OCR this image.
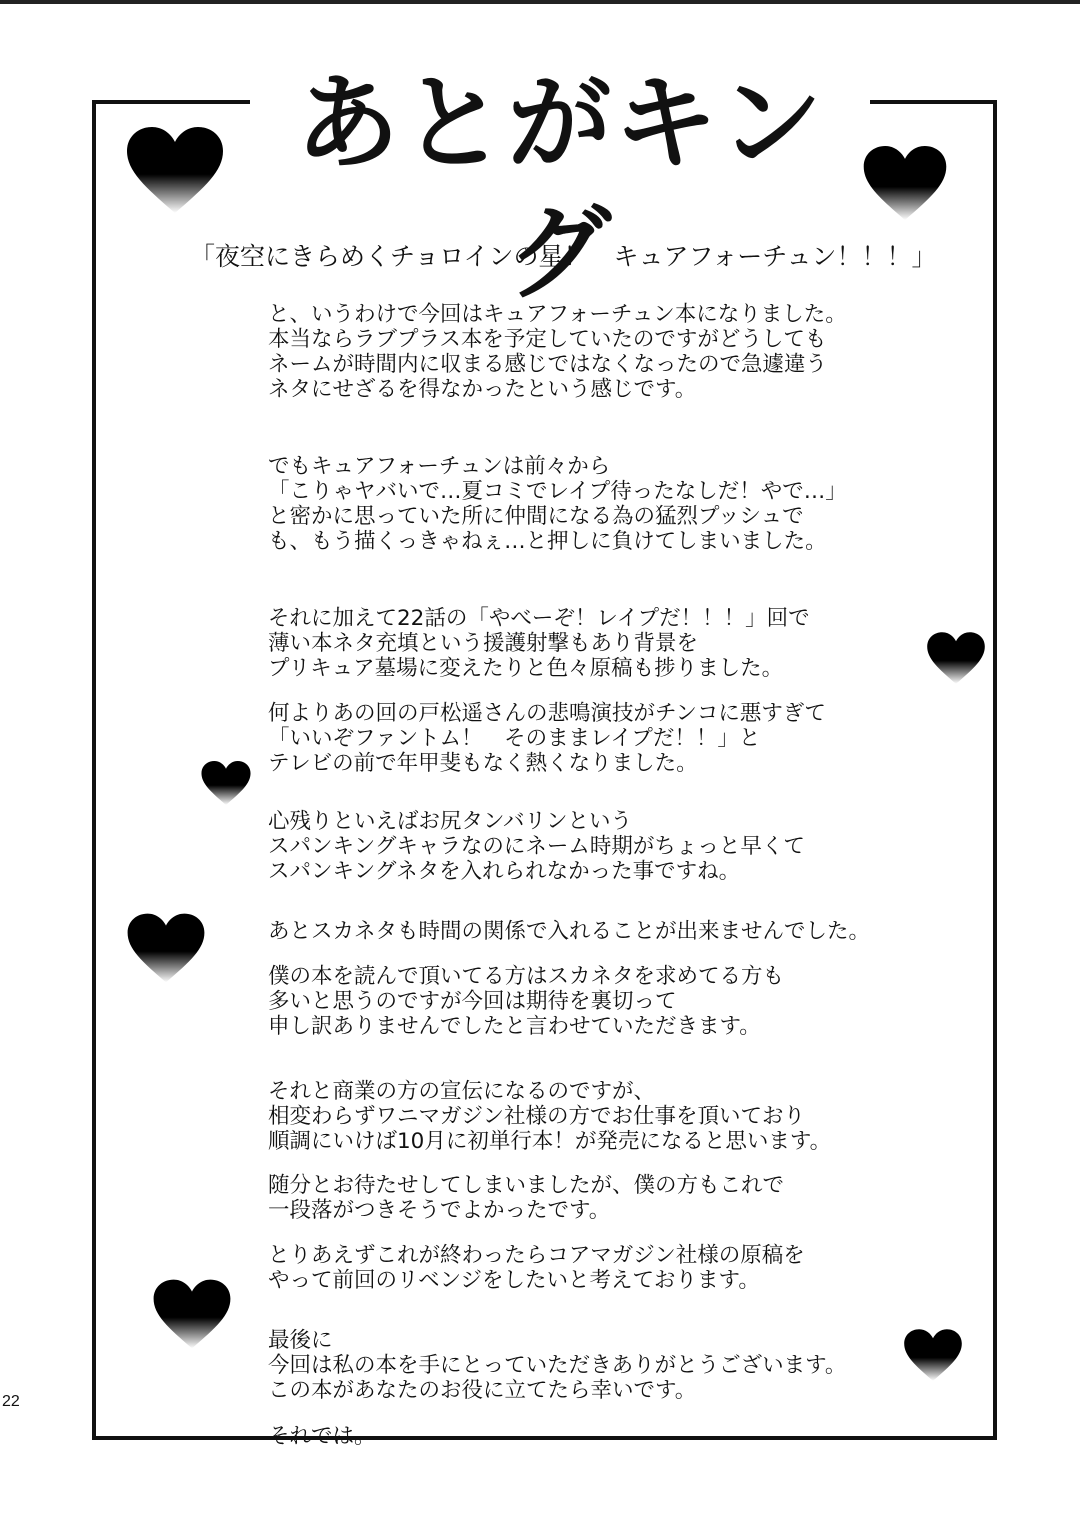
あとがキング
「夜空にきらめくチョロインの星！　キュアフォーチュン！！！」

と、いうわけで今回はキュアフォーチュン本になりました。
本当ならラブプラス本を予定していたのですがどうしても
ネームが時間内に収まる感じではなくなったので急遽違う
ネタにせざるを得なかったという感じです。

でもキュアフォーチュンは前々から
「こりゃヤバいで…夏コミでレイプ待ったなしだ！やで…」
と密かに思っていた所に仲間になる為の猛烈プッシュで
も、もう描くっきゃねぇ…と押しに負けてしまいました。

それに加えて22話の「やべーぞ！レイプだ！！！」回で
薄い本ネタ充填という援護射撃もあり背景を
プリキュア墓場に変えたりと色々原稿も捗りました。

何よりあの回の戸松遥さんの悲鳴演技がチンコに悪すぎて
「いいぞファントム！　そのままレイプだ！！」と
テレビの前で年甲斐もなく熱くなりました。

心残りといえばお尻タンバリンという
スパンキングキャラなのにネーム時期がちょっと早くて
スパンキングネタを入れられなかった事ですね。

あとスカネタも時間の関係で入れることが出来ませんでした。

僕の本を読んで頂いてる方はスカネタを求めてる方も
多いと思うのですが今回は期待を裏切って
申し訳ありませんでしたと言わせていただきます。

それと商業の方の宣伝になるのですが、
相変わらずワニマガジン社様の方でお仕事を頂いており
順調にいけば10月に初単行本！が発売になると思います。

随分とお待たせしてしまいましたが、僕の方もこれで
一段落がつきそうでよかったです。

とりあえずこれが終わったらコアマガジン社様の原稿を
やって前回のリベンジをしたいと考えております。

最後に
今回は私の本を手にとっていただきありがとうございます。
この本があなたのお役に立てたら幸いです。

それでは。

22
